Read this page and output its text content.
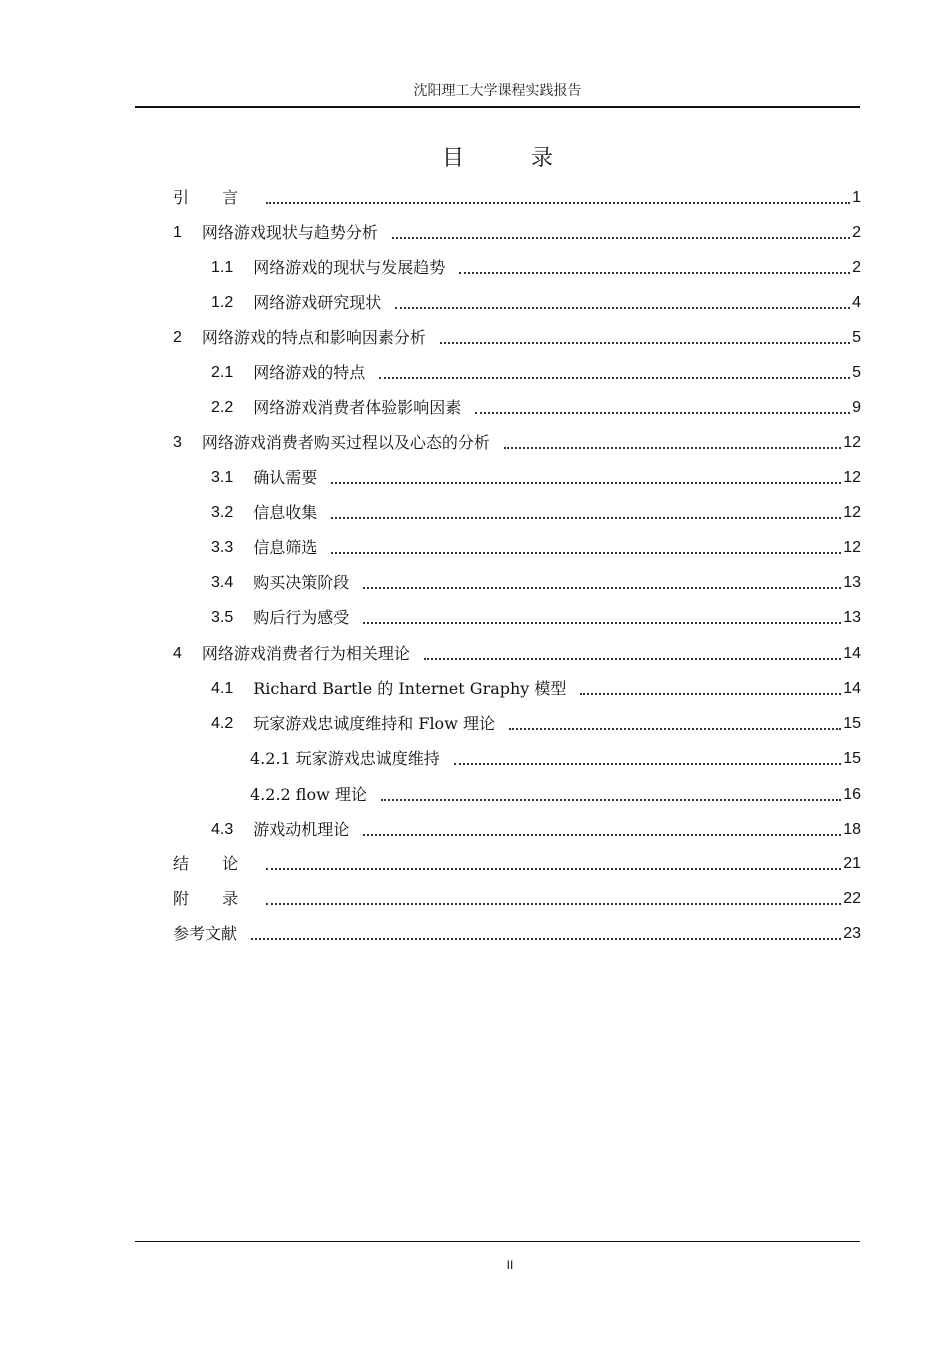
沈阳理工大学课程实践报告
目 录
引 言	1
1 网络游戏现状与趋势分析	2
1.1 网络游戏的现状与发展趋势	2
1.2 网络游戏研究现状	4
2 网络游戏的特点和影响因素分析	5
2.1 网络游戏的特点	5
2.2 网络游戏消费者体验影响因素	9
3 网络游戏消费者购买过程以及心态的分析	12
3.1 确认需要	12
3.2 信息收集	12
3.3 信息筛选	12
3.4 购买决策阶段	13
3.5 购后行为感受	13
4 网络游戏消费者行为相关理论	14
4.1 Richard Bartle 的 Internet Graphy 模型	14
4.2 玩家游戏忠诚度维持和 Flow 理论	15
4.2.1 玩家游戏忠诚度维持	15
4.2.2 flow 理论	16
4.3 游戏动机理论	18
结 论	21
附 录	22
参考文献	23
II
